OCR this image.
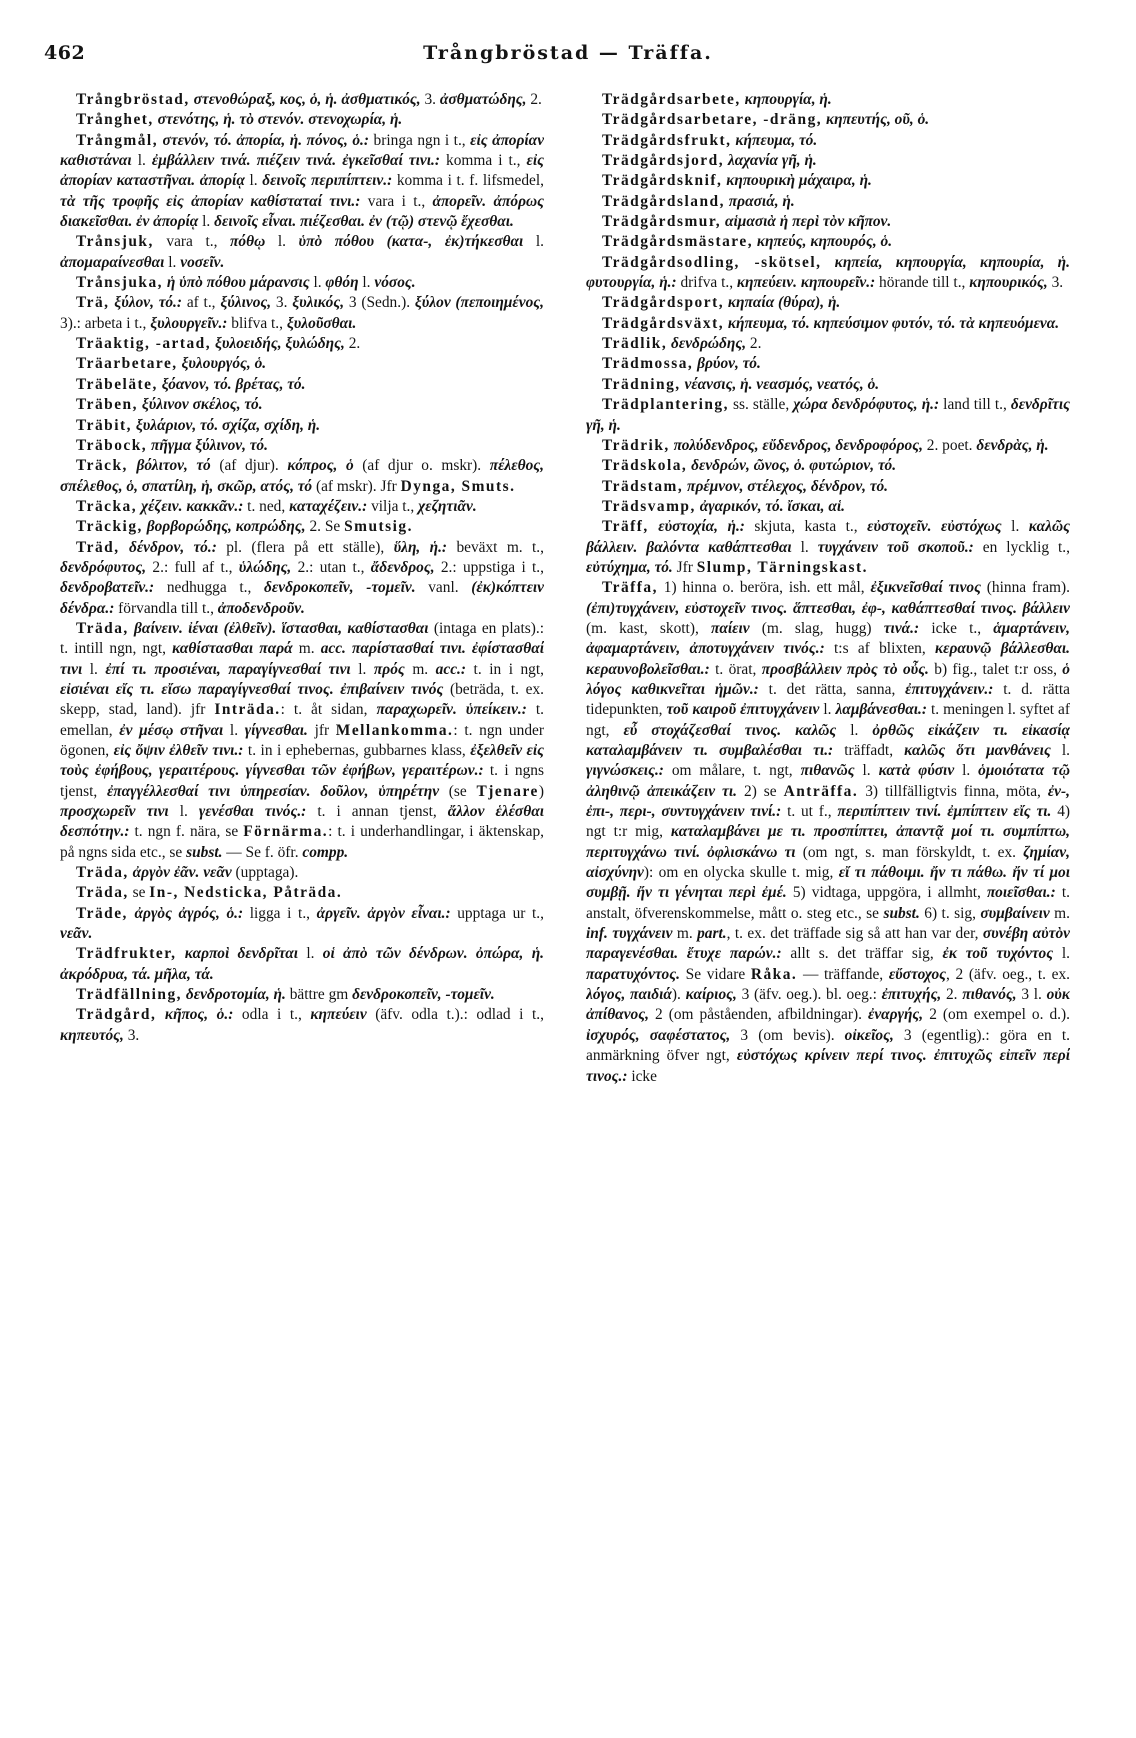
462	Trångbröstad — Träffa.

Trångbröstad, στενοθώραξ, κος, ὁ, ἡ. ἀσθματικός, 3. ἀσθματώδης, 2.

Trånghet, στενότης, ἡ. τὸ στενόν. στενοχωρία, ἡ.

Trångmål, στενόν, τό. ἀπορία, ἡ. πόνος, ὁ.: bringa ngn i t., εἰς ἀπορίαν καθιστάναι l. ἐμβάλλειν τινά. πιέζειν τινά. ἐγκεῖσθαί τινι.: komma i t., εἰς ἀπορίαν καταστῆναι. ἀπορίᾳ l. δεινοῖς περιπίπτειν.: komma i t. f. lifsmedel, τὰ τῆς τροφῆς εἰς ἀπορίαν καθίσταταί τινι.: vara i t., ἀπορεῖν. ἀπόρως διακεῖσθαι. ἐν ἀπορίᾳ l. δεινοῖς εἶναι. πιέζεσθαι. ἐν (τῷ) στενῷ ἔχεσθαι.

Trånsjuk, vara t., πόθῳ l. ὑπὸ πόθου (κατα-, ἐκ)τήκεσθαι l. ἀπομαραίνεσθαι l. νοσεῖν.

Trånsjuka, ἡ ὑπὸ πόθου μάρανσις l. φθόη l. νόσος.

Trä, ξύλον, τό.: af t., ξύλινος, 3. ξυλικός, 3 (Sedn.). ξύλον (πεποιημένος, 3).: arbeta i t., ξυλουργεῖν.: blifva t., ξυλοῦσθαι.

Träaktig, -artad, ξυλοειδής, ξυλώδης, 2.

Träarbetare, ξυλουργός, ὁ.

Träbeläte, ξόανον, τό. βρέτας, τό.

Träben, ξύλινον σκέλος, τό.

Träbit, ξυλάριον, τό. σχίζα, σχίδη, ἡ.

Träbock, πῆγμα ξύλινον, τό.

Träck, βόλιτον, τό (af djur). κόπρος, ὁ (af djur o. mskr). πέλεθος, σπέλεθος, ὁ, σπατίλη, ἡ, σκῶρ, ατός, τό (af mskr). Jfr Dynga, Smuts.

Träcka, χέζειν. κακκᾶν.: t. ned, καταχέζειν.: vilja t., χεζητιᾶν.

Träckig, βορβορώδης, κοπρώδης, 2. Se Smutsig.

Träd, δένδρον, τό.: pl. (flera på ett ställe), ὕλη, ἡ.: beväxt m. t., δενδρόφυτος, 2.: full af t., ὑλώδης, 2.: utan t., ἄδενδρος, 2.: uppstiga i t., δενδροβατεῖν.: nedhugga t., δενδροκοπεῖν, -τομεῖν. vanl. (ἐκ)κόπτειν δένδρα.: förvandla till t., ἀποδενδροῦν.

Träda, βαίνειν. ἰέναι (ἐλθεῖν). ἵστασθαι, καθίστασθαι (intaga en plats).: t. intill ngn, ngt, καθίστασθαι παρά m. acc. παρίστασθαί τινι. ἐφίστασθαί τινι l. ἐπί τι. προσιέναι, παραγίγνεσθαί τινι l. πρός m. acc.: t. in i ngt, εἰσιέναι εἴς τι. εἴσω παραγίγνεσθαί τινος. ἐπιβαίνειν τινός (beträda, t. ex. skepp, stad, land). jfr Inträda.: t. åt sidan, παραχωρεῖν. ὑπείκειν.: t. emellan, ἐν μέσῳ στῆναι l. γίγνεσθαι. jfr Mellankomma.: t. ngn under ögonen, εἰς ὄψιν ἐλθεῖν τινι.: t. in i ephebernas, gubbarnes klass, ἐξελθεῖν εἰς τοὺς ἐφήβους, γεραιτέρους. γίγνεσθαι τῶν ἐφήβων, γεραιτέρων.: t. i ngns tjenst, ἐπαγγέλλεσθαί τινι ὑπηρεσίαν. δοῦλον, ὑπηρέτην (se Tjenare) προσχωρεῖν τινι l. γενέσθαι τινός.: t. i annan tjenst, ἄλλον ἑλέσθαι δεσπότην.: t. ngn f. nära, se Förnärma.: t. i underhandlingar, i äktenskap, på ngns sida etc., se subst. — Se f. öfr. compp.

Träda, ἀργὸν ἐᾶν. νεᾶν (upptaga).

Träda, se In-, Nedsticka, Påträda.

Träde, ἀργὸς ἀγρός, ὁ.: ligga i t., ἀργεῖν. ἀργὸν εἶναι.: upptaga ur t., νεᾶν.

Trädfrukter, καρποὶ δενδρῖται l. οἱ ἀπὸ τῶν δένδρων. ὀπώρα, ἡ. ἀκρόδρυα, τά. μῆλα, τά.

Trädfällning, δενδροτομία, ἡ. bättre gm δενδροκοπεῖν, -τομεῖν.

Trädgård, κῆπος, ὁ.: odla i t., κηπεύειν (äfv. odla t.).: odlad i t., κηπευτός, 3.

Trädgårdsarbete, κηπουργία, ἡ.

Trädgårdsarbetare, -dräng, κηπευτής, οῦ, ὁ.

Trädgårdsfrukt, κήπευμα, τό.

Trädgårdsjord, λαχανία γῆ, ἡ.

Trädgårdsknif, κηπουρικὴ μάχαιρα, ἡ.

Trädgårdsland, πρασιά, ἡ.

Trädgårdsmur, αἱμασιὰ ἡ περὶ τὸν κῆπον.

Trädgårdsmästare, κηπεύς, κηπουρός, ὁ.

Trädgårdsodling, -skötsel, κηπεία, κηπουργία, κηπουρία, ἡ. φυτουργία, ἡ.: drifva t., κηπεύειν. κηπουρεῖν.: hörande till t., κηπουρικός, 3.

Trädgårdsport, κηπαία (θύρα), ἡ.

Trädgårdsväxt, κήπευμα, τό. κηπεύσιμον φυτόν, τό. τὰ κηπευόμενα.

Trädlik, δενδρώδης, 2.

Trädmossa, βρύον, τό.

Trädning, νέανσις, ἡ. νεασμός, νεατός, ὁ.

Trädplantering, ss. ställe, χώρα δενδρόφυτος, ἡ.: land till t., δενδρῖτις γῆ, ἡ.

Trädrik, πολύδενδρος, εὔδενδρος, δενδροφόρος, 2. poet. δενδρὰς, ἡ.

Trädskola, δενδρών, ῶνος, ὁ. φυτώριον, τό.

Trädstam, πρέμνον, στέλεχος, δένδρον, τό.

Trädsvamp, ἀγαρικόν, τό. ἴσκαι, αἱ.

Träff, εὐστοχία, ἡ.: skjuta, kasta t., εὐστοχεῖν. εὐστόχως l. καλῶς βάλλειν. βαλόντα καθάπτεσθαι l. τυγχάνειν τοῦ σκοποῦ.: en lycklig t., εὐτύχημα, τό. Jfr Slump, Tärningskast.

Träffa, 1) hinna o. beröra, ish. ett mål, ἐξικνεῖσθαί τινος (hinna fram). (ἐπι)τυγχάνειν, εὐστοχεῖν τινος. ἅπτεσθαι, ἐφ-, καθάπτεσθαί τινος. βάλλειν (m. kast, skott), παίειν (m. slag, hugg) τινά.: icke t., ἁμαρτάνειν, ἀφαμαρτάνειν, ἀποτυγχάνειν τινός.: t:s af blixten, κεραυνῷ βάλλεσθαι. κεραυνοβολεῖσθαι.: t. örat, προσβάλλειν πρὸς τὸ οὖς. b) fig., talet t:r oss, ὁ λόγος καθικνεῖται ἡμῶν.: t. det rätta, sanna, ἐπιτυγχάνειν.: t. d. rätta tidepunkten, τοῦ καιροῦ ἐπιτυγχάνειν l. λαμβάνεσθαι.: t. meningen l. syftet af ngt, εὖ στοχάζεσθαί τινος. καλῶς l. ὀρθῶς εἰκάζειν τι. εἰκασίᾳ καταλαμβάνειν τι. συμβαλέσθαι τι.: träffadt, καλῶς ὅτι μανθάνεις l. γιγνώσκεις.: om målare, t. ngt, πιθανῶς l. κατὰ φύσιν l. ὁμοιότατα τῷ ἀληθινῷ ἀπεικάζειν τι. 2) se Anträffa. 3) tillfälligtvis finna, möta, ἐν-, ἐπι-, περι-, συντυγχάνειν τινί.: t. ut f., περιπίπτειν τινί. ἐμπίπτειν εἴς τι. 4) ngt t:r mig, καταλαμβάνει με τι. προσπίπτει, ἀπαντᾷ μοί τι. συμπίπτω, περιτυγχάνω τινί. ὀφλισκάνω τι (om ngt, s. man förskyldt, t. ex. ζημίαν, αἰσχύνην): om en olycka skulle t. mig, εἴ τι πάθοιμι. ἤν τι πάθω. ἤν τί μοι συμβῇ. ἤν τι γένηται περὶ ἐμέ. 5) vidtaga, uppgöra, i allmht, ποιεῖσθαι.: t. anstalt, öfverenskommelse, mått o. steg etc., se subst. 6) t. sig, συμβαίνειν m. inf. τυγχάνειν m. part., t. ex. det träffade sig så att han var der, συνέβη αὐτὸν παραγενέσθαι. ἔτυχε παρών.: allt s. det träffar sig, ἐκ τοῦ τυχόντος l. παρατυχόντος. Se vidare Råka. — träffande, εὔστοχος, 2 (äfv. oeg., t. ex. λόγος, παιδιά). καίριος, 3 (äfv. oeg.). bl. oeg.: ἐπιτυχής, 2. πιθανός, 3 l. οὐκ ἀπίθανος, 2 (om påståenden, afbildningar). ἐναργής, 2 (om exempel o. d.). ἰσχυρός, σαφέστατος, 3 (om bevis). οἰκεῖος, 3 (egentlig).: göra en t. anmärkning öfver ngt, εὐστόχως κρίνειν περί τινος. ἐπιτυχῶς εἰπεῖν περί τινος.: icke
